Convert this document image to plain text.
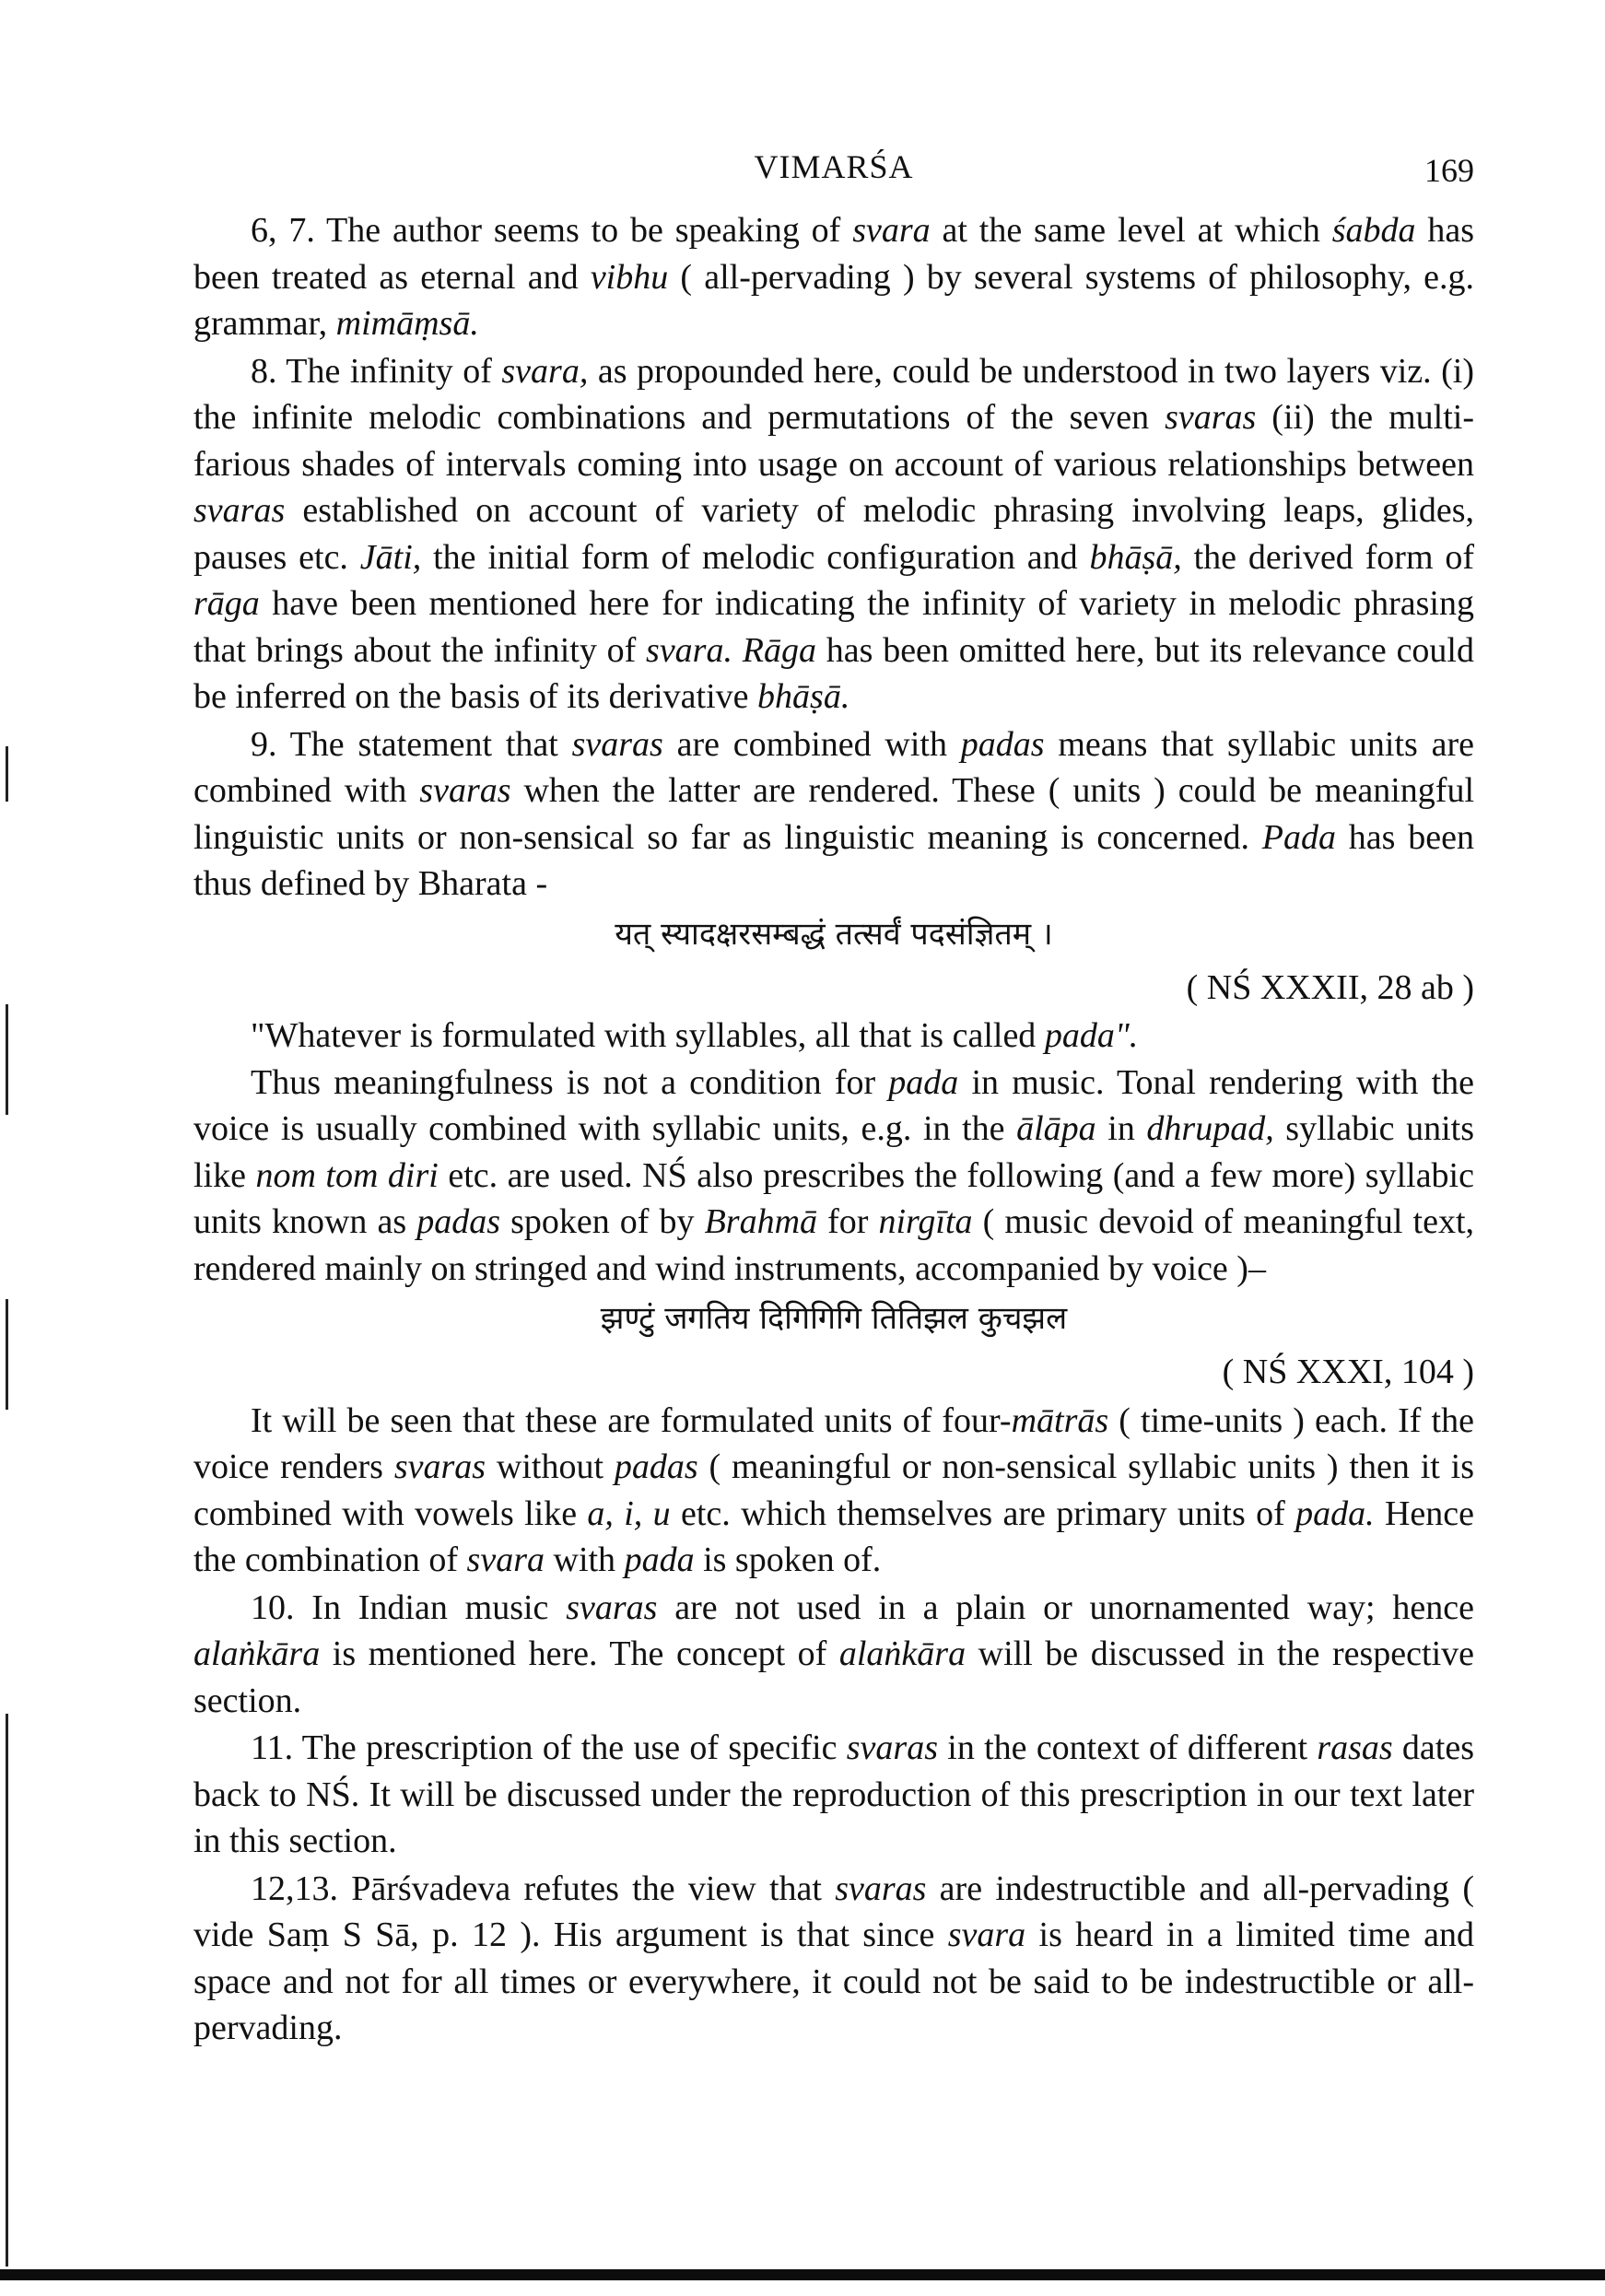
VIMARŚA	169

6, 7. The author seems to be speaking of svara at the same level at which śabda has been treated as eternal and vibhu ( all-pervading ) by several systems of philosophy, e.g. grammar, mimāṃsā.

8. The infinity of svara, as propounded here, could be understood in two layers viz. (i) the infinite melodic combinations and permutations of the seven svaras (ii) the multi-farious shades of intervals coming into usage on account of various relationships between svaras established on account of variety of melodic phrasing involving leaps, glides, pauses etc. Jāti, the initial form of melodic configuration and bhāṣā, the derived form of rāga have been mentioned here for indicating the infinity of variety in melodic phrasing that brings about the infinity of svara. Rāga has been omitted here, but its relevance could be inferred on the basis of its derivative bhāṣā.

9. The statement that svaras are combined with padas means that syllabic units are combined with svaras when the latter are rendered. These ( units ) could be meaningful linguistic units or non-sensical so far as linguistic meaning is concerned. Pada has been thus defined by Bharata -

यत् स्यादक्षरसम्बद्धं तत्सर्वं पदसंज्ञितम् ।
( NŚ XXXII, 28 ab )

"Whatever is formulated with syllables, all that is called pada".

Thus meaningfulness is not a condition for pada in music. Tonal rendering with the voice is usually combined with syllabic units, e.g. in the ālāpa in dhrupad, syllabic units like nom tom diri etc. are used. NŚ also prescribes the following (and a few more) syllabic units known as padas spoken of by Brahmā for nirgīta ( music devoid of meaningful text, rendered mainly on stringed and wind instruments, accompanied by voice )–

झण्टुं जगतिय दिगिगिगि तितिझल कुचझल
( NŚ XXXI, 104 )

It will be seen that these are formulated units of four-mātrās ( time-units ) each. If the voice renders svaras without padas ( meaningful or non-sensical syllabic units ) then it is combined with vowels like a, i, u etc. which themselves are primary units of pada. Hence the combination of svara with pada is spoken of.

10. In Indian music svaras are not used in a plain or unornamented way; hence alaṅkāra is mentioned here. The concept of alaṅkāra will be discussed in the respective section.

11. The prescription of the use of specific svaras in the context of different rasas dates back to NŚ. It will be discussed under the reproduction of this prescription in our text later in this section.

12,13. Pārśvadeva refutes the view that svaras are indestructible and all-pervading ( vide Saṃ S Sā, p. 12 ). His argument is that since svara is heard in a limited time and space and not for all times or everywhere, it could not be said to be indestructible or all-pervading.
